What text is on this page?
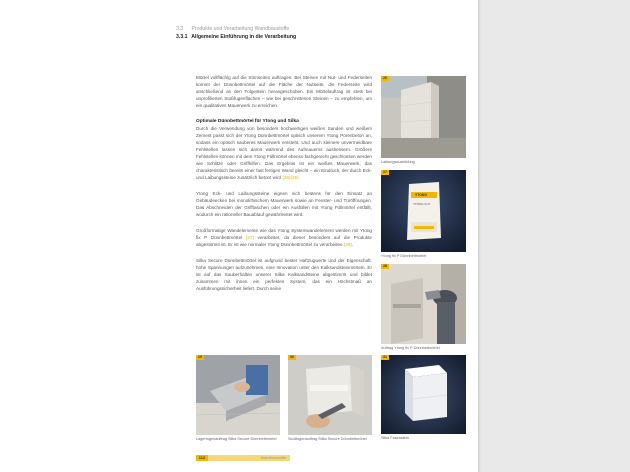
3.3 Produkte und Verarbeitung Wandbaustoffe
3.3.1 Allgemeine Einführung in die Verarbeitung

Mörtel vollflächig auf die Stirnseiten auftragen. Bei Steinen mit Nut- und Federseiten kommt der Dünnbettmörtel auf die Fläche der Nutseite, die Federseite wird anschließend an den Folgestein herangeschoben. Ein Mörtelauftrag ist stets bei unprofilierten Stoßfugenflächen – wie bei geschnittenen Steinen – zu empfehlen, um ein qualitatives Mauerwerk zu erreichen.

Optimale Dünnbettmörtel für Ytong und Silka

Durch die Verwendung von besonders hochwertigen weißen Sanden und weißem Zement passt sich der Ytong Dünnbettmörtel optisch unserem Ytong Porenbeton an, sodass ein optisch sauberes Mauerwerk entsteht. Und auch kleinere unvermeidbare Fehlstellen lassen sich damit während des Aufmauerns ausbessern. Größere Fehlstellen können mit dem Ytong Füllmörtel ebenso fachgerecht geschlossen werden wie Schlitze oder Griffhilfen. Das Ergebnis ist ein weißes Mauerwerk, das charakteristisch bereits einer fast fertigen Wand gleicht – ein Eindruck, der durch Eck- und Laibungssteine zusätzlich betont wird (26)(26)

Ytong Eck- und Laibungssteine eignen sich bestens für den Einsatz an Gebäudeecken bei monolithischem Mauerwerk sowie an Fenster- und Türöffnungen. Das Abschneiden der Grifftaschen oder ein Ausfüllen mit Ytong Füllmörtel entfällt, wodurch ein rationeller Bauablauf gewährleistet wird.

Großformatige Wandelemente wie das Ytong Systemwandelement werden mit Ytong fix P Dünnbettmörtel (27) verarbeitet, da dieser besonders auf die Produkte abgestimmt ist. Er ist wie normaler Ytong Dünnbettmörtel zu verarbeiten (28).

Silka Secure Dünnbettmörtel ist aufgrund bester Haftzugwerte und der Eigenschaft, hohe Spannungen aufzunehmen, eine Innovation unter den Kalksandsteinmörteln. Er ist auf das Sauberhalten unserer Silka Kalksandsteine abgestimmt und bildet zusammen mit ihnen ein perfektes System, das ein Höchstmaß an Ausführungssicherheit liefert. Durch seine

26
Laibungsausbildung
27
YTONG
YTONG fix P
Ytong fix P Dünnbettmörtel
28
Auftrag Ytong fix P Dünnbettmörtel
29
Lagerfugenauftrag Silka Secure Dünnbettmörtel
30
Stoßfugenauftrag Silka Secure Dünnbettmörtel
31
Silka Fasenstein
112	Wandbaustoffe
